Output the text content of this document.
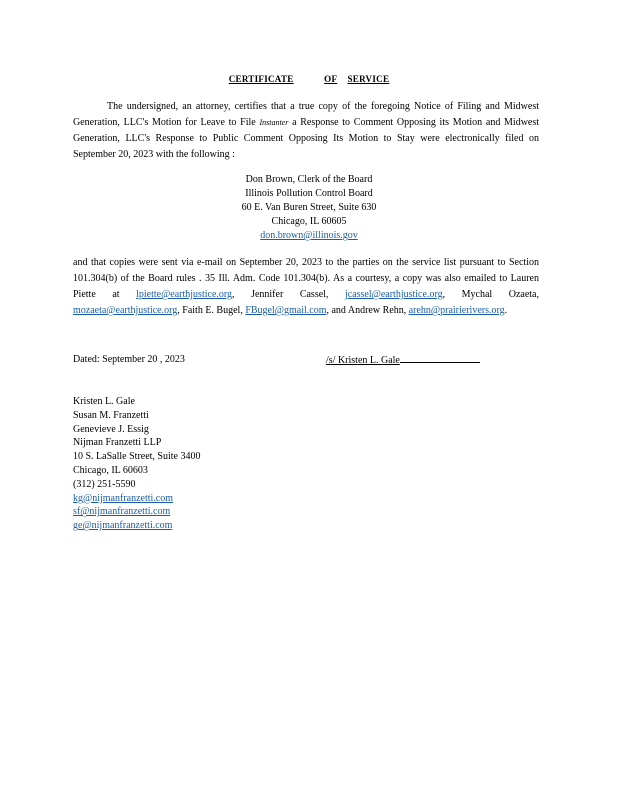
CERTIFICATE	OF SERVICE
The undersigned, an attorney, certifies that a true copy of the foregoing Notice of Filing and Midwest Generation, LLC's Motion for Leave to File Instanter a Response to Comment Opposing its Motion and Midwest Generation, LLC's Response to Public Comment Opposing Its Motion to Stay were electronically filed on September 20, 2023 with the following :
Don Brown, Clerk of the Board
Illinois Pollution Control Board
60 E. Van Buren Street, Suite 630
Chicago, IL 60605
don.brown@illinois.gov
and that copies were sent via e-mail on September 20, 2023 to the parties on the service list pursuant to Section 101.304(b) of the Board rules . 35 Ill. Adm. Code 101.304(b). As a courtesy, a copy was also emailed to Lauren Piette at lpiette@earthjustice.org, Jennifer Cassel, jcassel@earthjustice.org, Mychal Ozaeta, mozaeta@earthjustice.org, Faith E. Bugel, FBugel@gmail.com, and Andrew Rehn, arehn@prairierivers.org.
Dated: September 20 , 2023	/s/ Kristen L. Gale
Kristen L. Gale
Susan M. Franzetti
Genevieve J. Essig
Nijman Franzetti LLP
10 S. LaSalle Street, Suite 3400
Chicago, IL 60603
(312) 251-5590
kg@nijmanfranzetti.com
sf@nijmanfranzetti.com
ge@nijmanfranzetti.com
